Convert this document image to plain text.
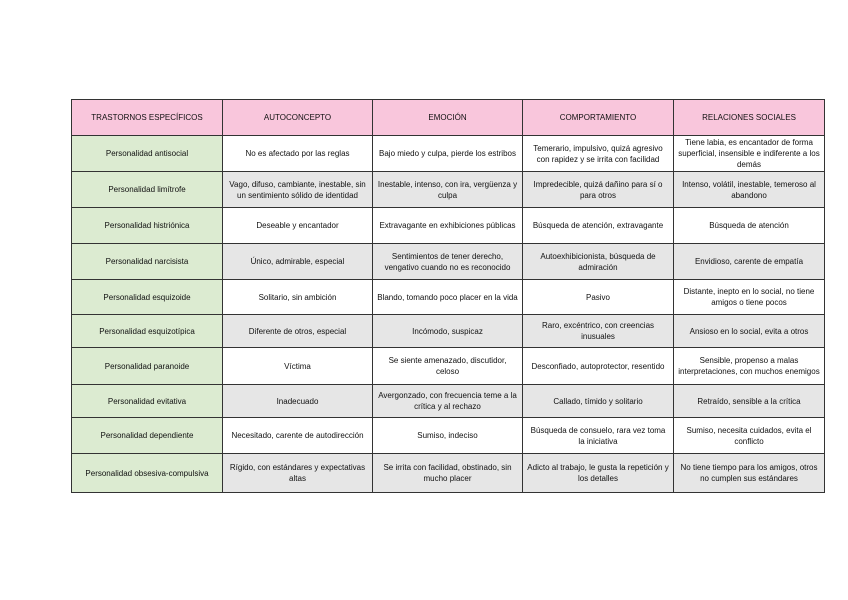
TRASTORNOS ESPECÍFICOS	AUTOCONCEPTO	EMOCIÓN	COMPORTAMIENTO	RELACIONES SOCIALES
Personalidad antisocial	No es afectado por las reglas	Bajo miedo y culpa, pierde los estribos	Temerario, impulsivo, quizá agresivo con rapidez y se irrita con facilidad	Tiene labia, es encantador de forma superficial, insensible e indiferente a los demás
Personalidad limítrofe	Vago, difuso, cambiante, inestable, sin un sentimiento sólido de identidad	Inestable, intenso, con ira, vergüenza y culpa	Impredecible, quizá dañino para sí o para otros	Intenso, volátil, inestable, temeroso al abandono
Personalidad histriónica	Deseable y encantador	Extravagante en exhibiciones públicas	Búsqueda de atención, extravagante	Búsqueda de atención
Personalidad narcisista	Único, admirable, especial	Sentimientos de tener derecho, vengativo cuando no es reconocido	Autoexhibicionista, búsqueda de admiración	Envidioso, carente de empatía
Personalidad esquizoide	Solitario, sin ambición	Blando, tomando poco placer en la vida	Pasivo	Distante, inepto en lo social, no tiene amigos o tiene pocos
Personalidad esquizotípica	Diferente de otros, especial	Incómodo, suspicaz	Raro, excéntrico, con creencias inusuales	Ansioso en lo social, evita a otros
Personalidad paranoide	Víctima	Se siente amenazado, discutidor, celoso	Desconfiado, autoprotector, resentido	Sensible, propenso a malas interpretaciones, con muchos enemigos
Personalidad evitativa	Inadecuado	Avergonzado, con frecuencia teme a la crítica y al rechazo	Callado, tímido y solitario	Retraído, sensible a la crítica
Personalidad dependiente	Necesitado, carente de autodirección	Sumiso, indeciso	Búsqueda de consuelo, rara vez toma la iniciativa	Sumiso, necesita cuidados, evita el conflicto
Personalidad obsesiva-compulsiva	Rígido, con estándares y expectativas altas	Se irrita con facilidad, obstinado, sin mucho placer	Adicto al trabajo, le gusta la repetición y los detalles	No tiene tiempo para los amigos, otros no cumplen sus estándares
